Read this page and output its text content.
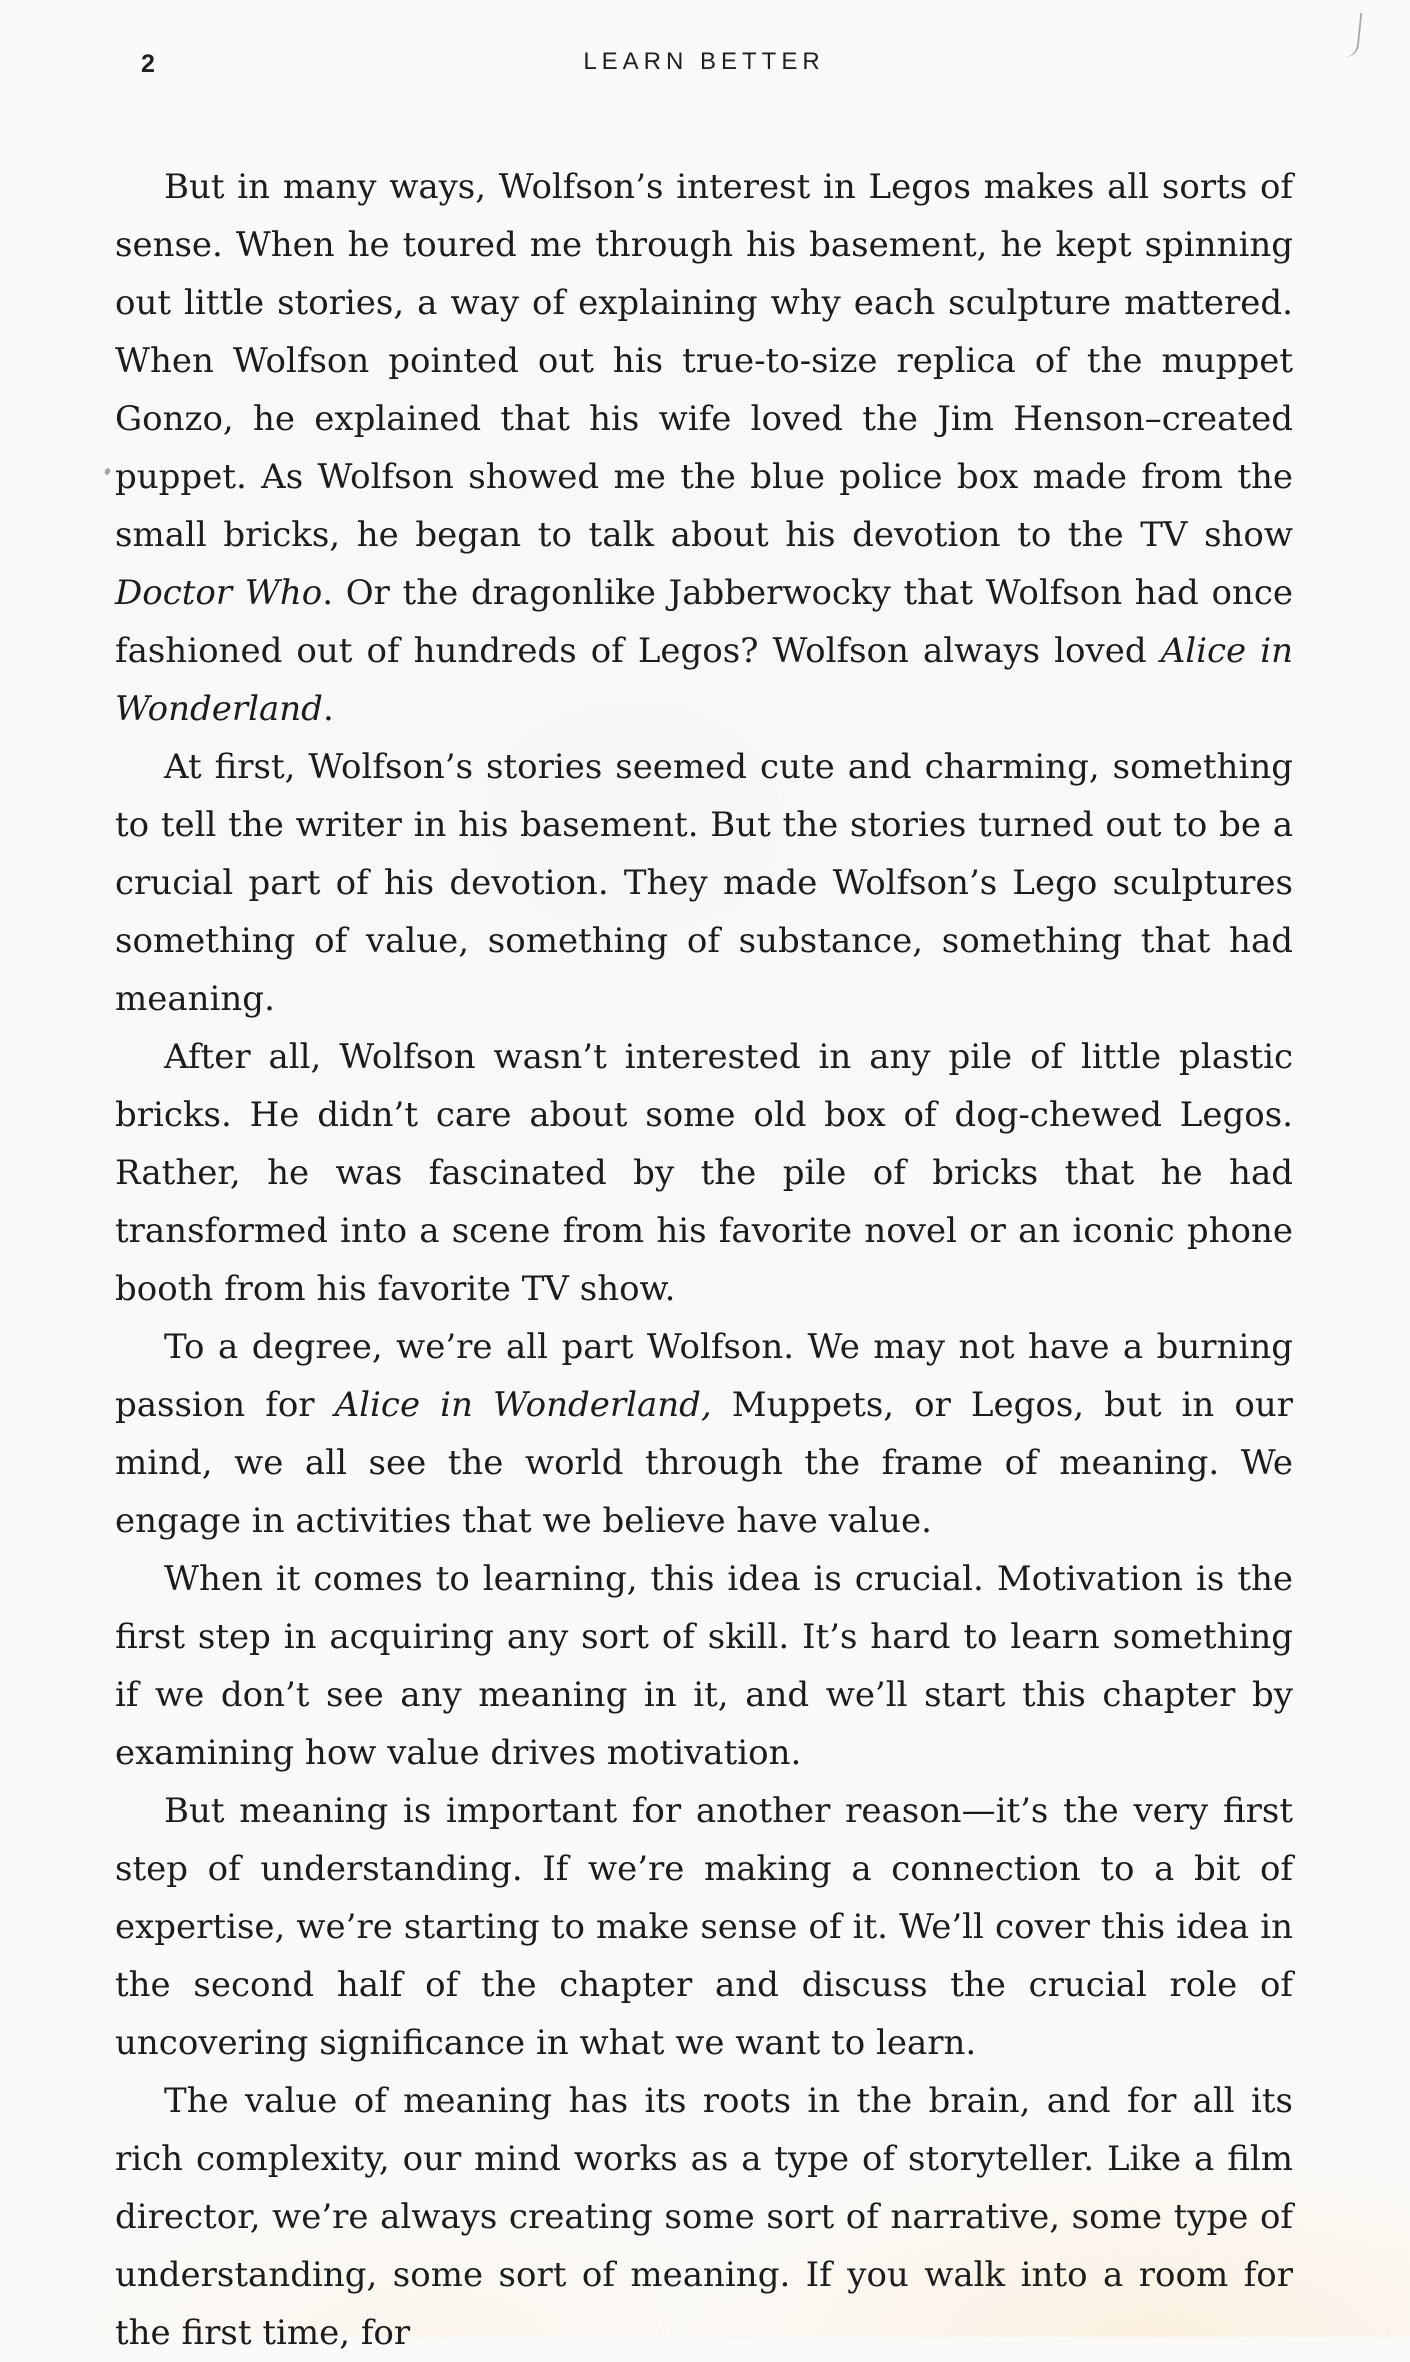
2	LEARN BETTER

But in many ways, Wolfson’s interest in Legos makes all sorts of sense. When he toured me through his basement, he kept spinning out little stories, a way of explaining why each sculpture mattered. When Wolfson pointed out his true-to-size replica of the muppet Gonzo, he explained that his wife loved the Jim Henson–created puppet. As Wolfson showed me the blue police box made from the small bricks, he began to talk about his devotion to the TV show Doctor Who. Or the dragonlike Jabberwocky that Wolfson had once fashioned out of hundreds of Legos? Wolfson always loved Alice in Wonderland.

At first, Wolfson’s stories seemed cute and charming, something to tell the writer in his basement. But the stories turned out to be a crucial part of his devotion. They made Wolfson’s Lego sculptures something of value, something of substance, something that had meaning.

After all, Wolfson wasn’t interested in any pile of little plastic bricks. He didn’t care about some old box of dog-chewed Legos. Rather, he was fascinated by the pile of bricks that he had transformed into a scene from his favorite novel or an iconic phone booth from his favorite TV show.

To a degree, we’re all part Wolfson. We may not have a burning passion for Alice in Wonderland, Muppets, or Legos, but in our mind, we all see the world through the frame of meaning. We engage in activities that we believe have value.

When it comes to learning, this idea is crucial. Motivation is the first step in acquiring any sort of skill. It’s hard to learn something if we don’t see any meaning in it, and we’ll start this chapter by examining how value drives motivation.

But meaning is important for another reason—it’s the very first step of understanding. If we’re making a connection to a bit of expertise, we’re starting to make sense of it. We’ll cover this idea in the second half of the chapter and discuss the crucial role of uncovering significance in what we want to learn.

The value of meaning has its roots in the brain, and for all its rich complexity, our mind works as a type of storyteller. Like a film director, we’re always creating some sort of narrative, some type of understanding, some sort of meaning. If you walk into a room for the first time, for
